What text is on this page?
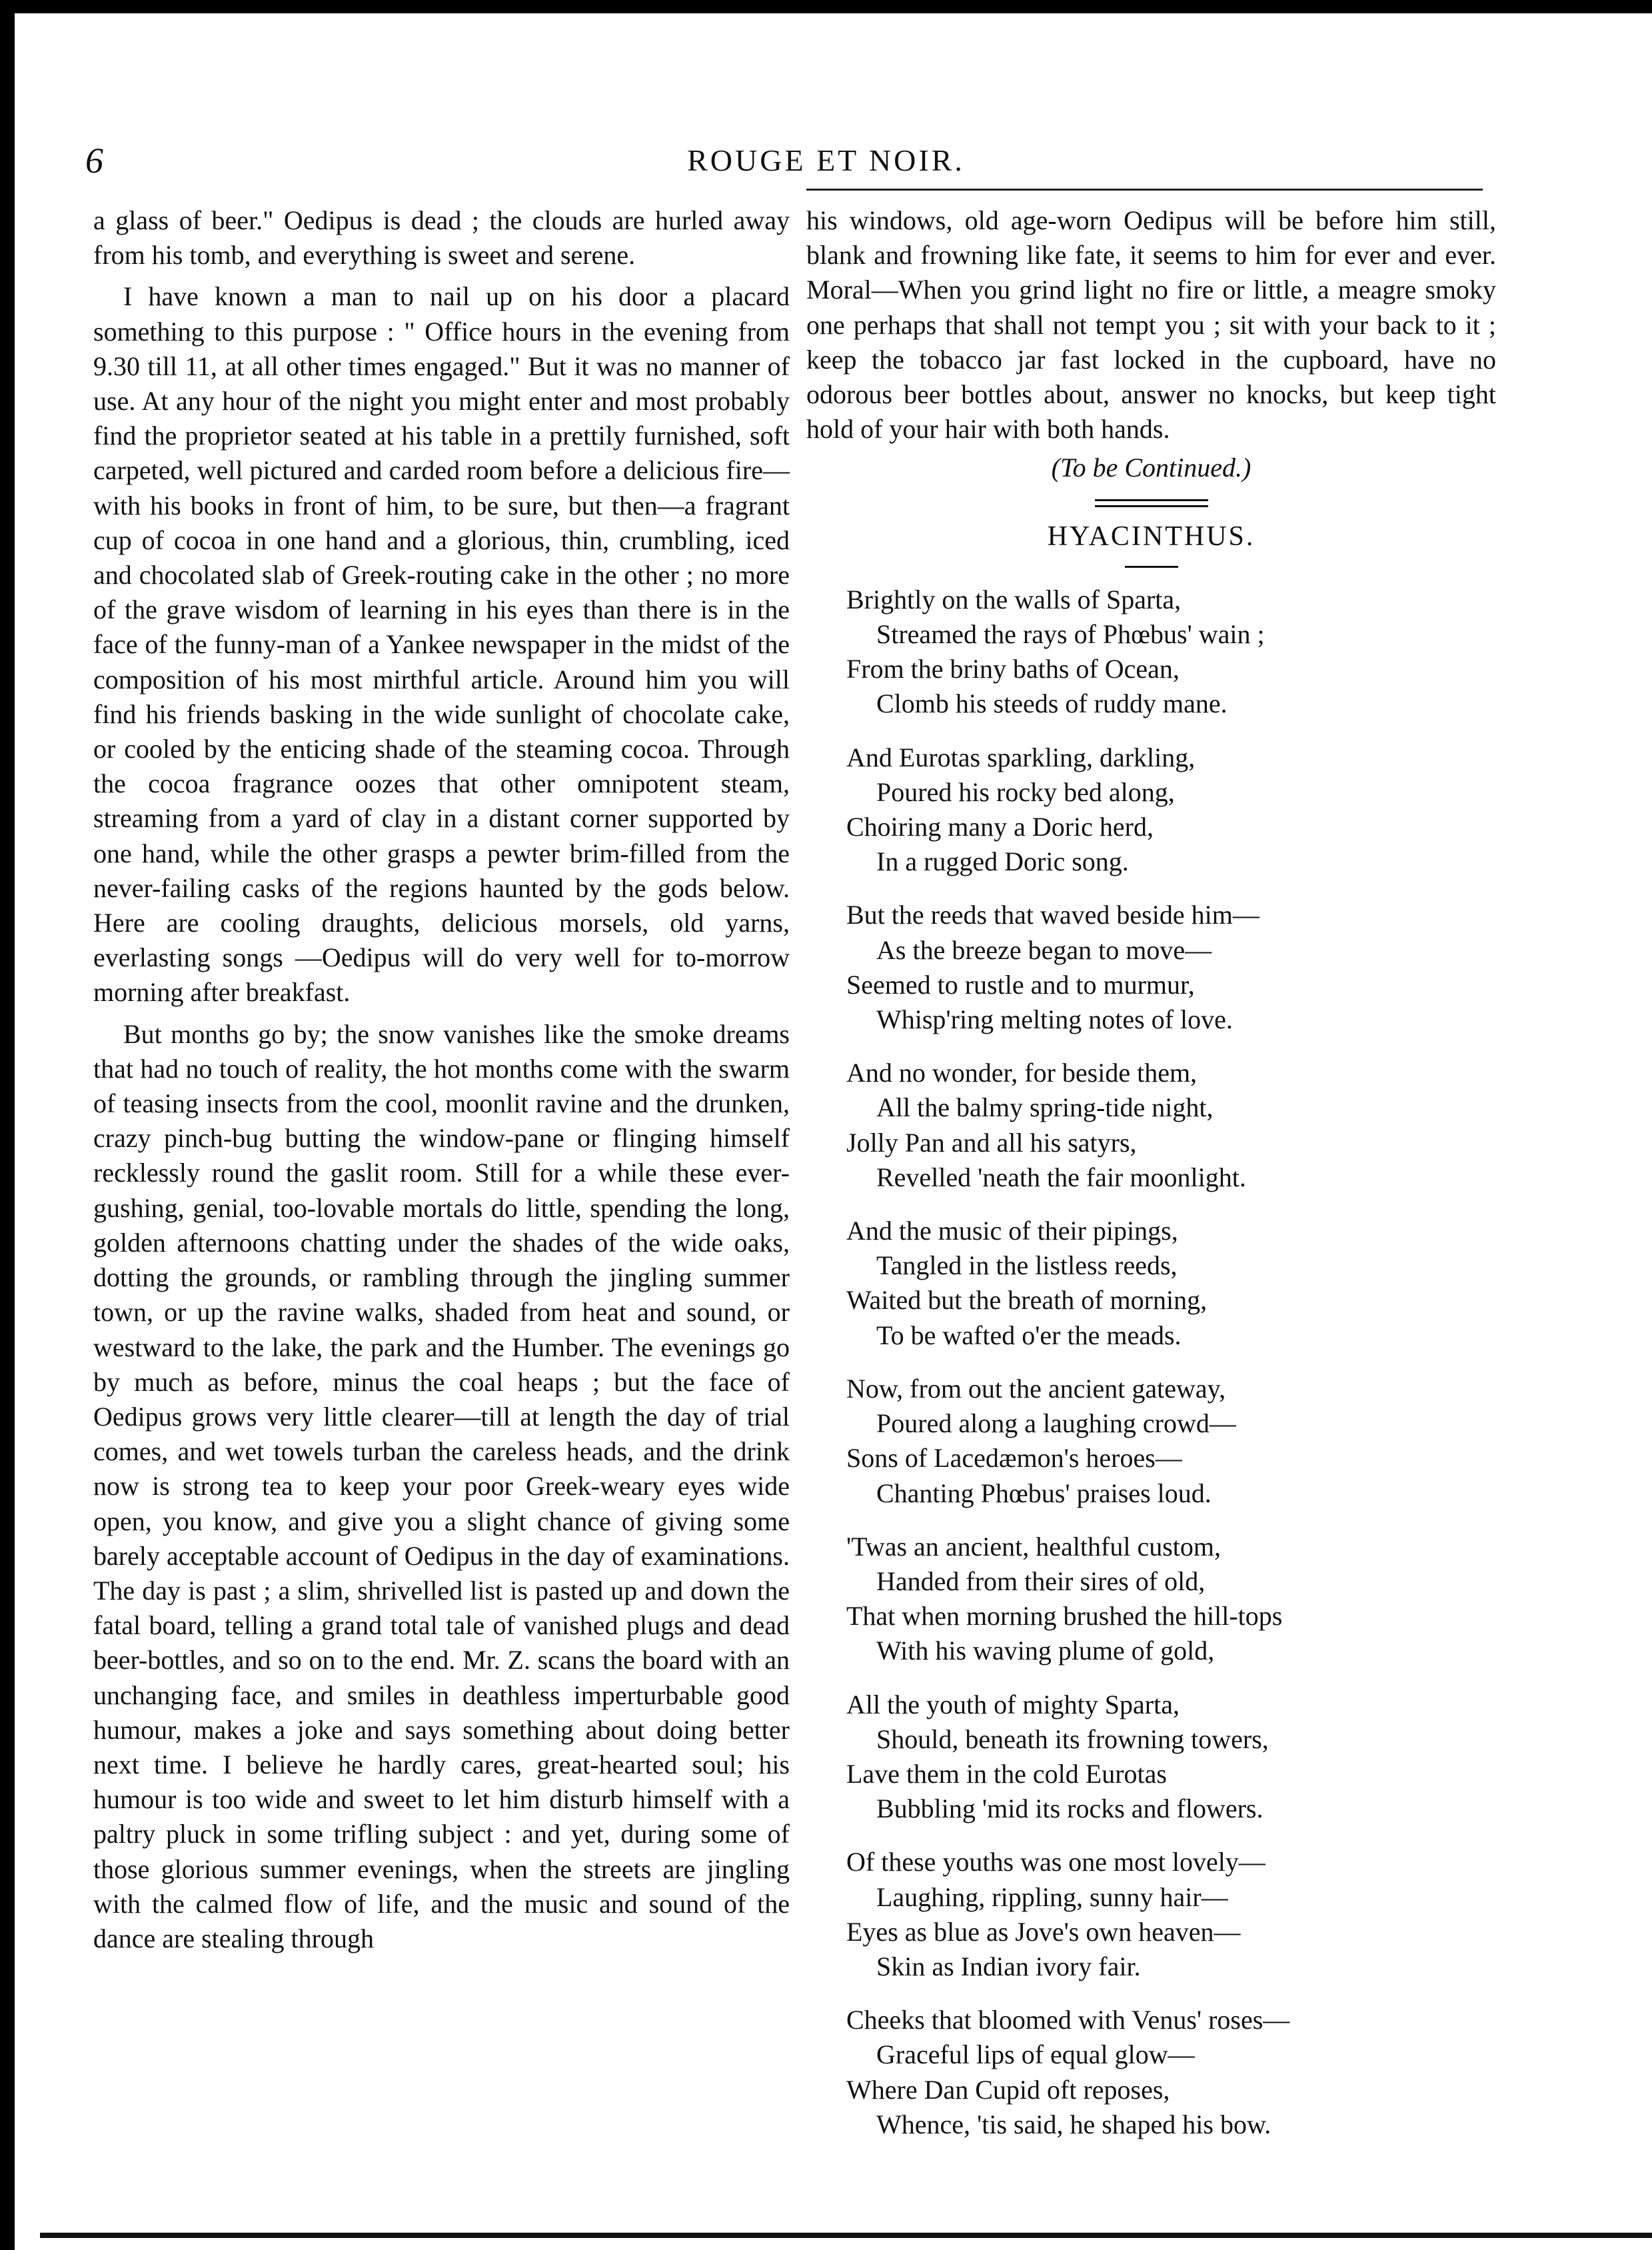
6	ROUGE ET NOIR.

a glass of beer." Oedipus is dead ; the clouds are hurled away from his tomb, and everything is sweet and serene.

I have known a man to nail up on his door a placard something to this purpose : " Office hours in the evening from 9.30 till 11, at all other times engaged." But it was no manner of use. At any hour of the night you might enter and most probably find the proprietor seated at his table in a prettily furnished, soft carpeted, well pictured and carded room before a delicious fire—with his books in front of him, to be sure, but then—a fragrant cup of cocoa in one hand and a glorious, thin, crumbling, iced and chocolated slab of Greek-routing cake in the other ; no more of the grave wisdom of learning in his eyes than there is in the face of the funny-man of a Yankee newspaper in the midst of the composition of his most mirthful article. Around him you will find his friends basking in the wide sunlight of chocolate cake, or cooled by the enticing shade of the steaming cocoa. Through the cocoa fragrance oozes that other omnipotent steam, streaming from a yard of clay in a distant corner supported by one hand, while the other grasps a pewter brim-filled from the never-failing casks of the regions haunted by the gods below. Here are cooling draughts, delicious morsels, old yarns, everlasting songs —Oedipus will do very well for to-morrow morning after breakfast.

But months go by; the snow vanishes like the smoke dreams that had no touch of reality, the hot months come with the swarm of teasing insects from the cool, moonlit ravine and the drunken, crazy pinch-bug butting the window-pane or flinging himself recklessly round the gaslit room. Still for a while these ever-gushing, genial, too-lovable mortals do little, spending the long, golden afternoons chatting under the shades of the wide oaks, dotting the grounds, or rambling through the jingling summer town, or up the ravine walks, shaded from heat and sound, or westward to the lake, the park and the Humber. The evenings go by much as before, minus the coal heaps ; but the face of Oedipus grows very little clearer—till at length the day of trial comes, and wet towels turban the careless heads, and the drink now is strong tea to keep your poor Greek-weary eyes wide open, you know, and give you a slight chance of giving some barely acceptable account of Oedipus in the day of examinations. The day is past ; a slim, shrivelled list is pasted up and down the fatal board, telling a grand total tale of vanished plugs and dead beer-bottles, and so on to the end. Mr. Z. scans the board with an unchanging face, and smiles in deathless imperturbable good humour, makes a joke and says something about doing better next time. I believe he hardly cares, great-hearted soul; his humour is too wide and sweet to let him disturb himself with a paltry pluck in some trifling subject : and yet, during some of those glorious summer evenings, when the streets are jingling with the calmed flow of life, and the music and sound of the dance are stealing through

his windows, old age-worn Oedipus will be before him still, blank and frowning like fate, it seems to him for ever and ever. Moral—When you grind light no fire or little, a meagre smoky one perhaps that shall not tempt you ; sit with your back to it ; keep the tobacco jar fast locked in the cupboard, have no odorous beer bottles about, answer no knocks, but keep tight hold of your hair with both hands.

(To be Continued.)
HYACINTHUS.
Brightly on the walls of Sparta,
Streamed the rays of Phœbus' wain ;
From the briny baths of Ocean,
Clomb his steeds of ruddy mane.
And Eurotas sparkling, darkling,
Poured his rocky bed along,
Choiring many a Doric herd,
In a rugged Doric song.
But the reeds that waved beside him—
As the breeze began to move—
Seemed to rustle and to murmur,
Whisp'ring melting notes of love.
And no wonder, for beside them,
All the balmy spring-tide night,
Jolly Pan and all his satyrs,
Revelled 'neath the fair moonlight.
And the music of their pipings,
Tangled in the listless reeds,
Waited but the breath of morning,
To be wafted o'er the meads.
Now, from out the ancient gateway,
Poured along a laughing crowd—
Sons of Lacedæmon's heroes—
Chanting Phœbus' praises loud.
'Twas an ancient, healthful custom,
Handed from their sires of old,
That when morning brushed the hill-tops
With his waving plume of gold,
All the youth of mighty Sparta,
Should, beneath its frowning towers,
Lave them in the cold Eurotas
Bubbling 'mid its rocks and flowers.
Of these youths was one most lovely—
Laughing, rippling, sunny hair—
Eyes as blue as Jove's own heaven—
Skin as Indian ivory fair.
Cheeks that bloomed with Venus' roses—
Graceful lips of equal glow—
Where Dan Cupid oft reposes,
Whence, 'tis said, he shaped his bow.
